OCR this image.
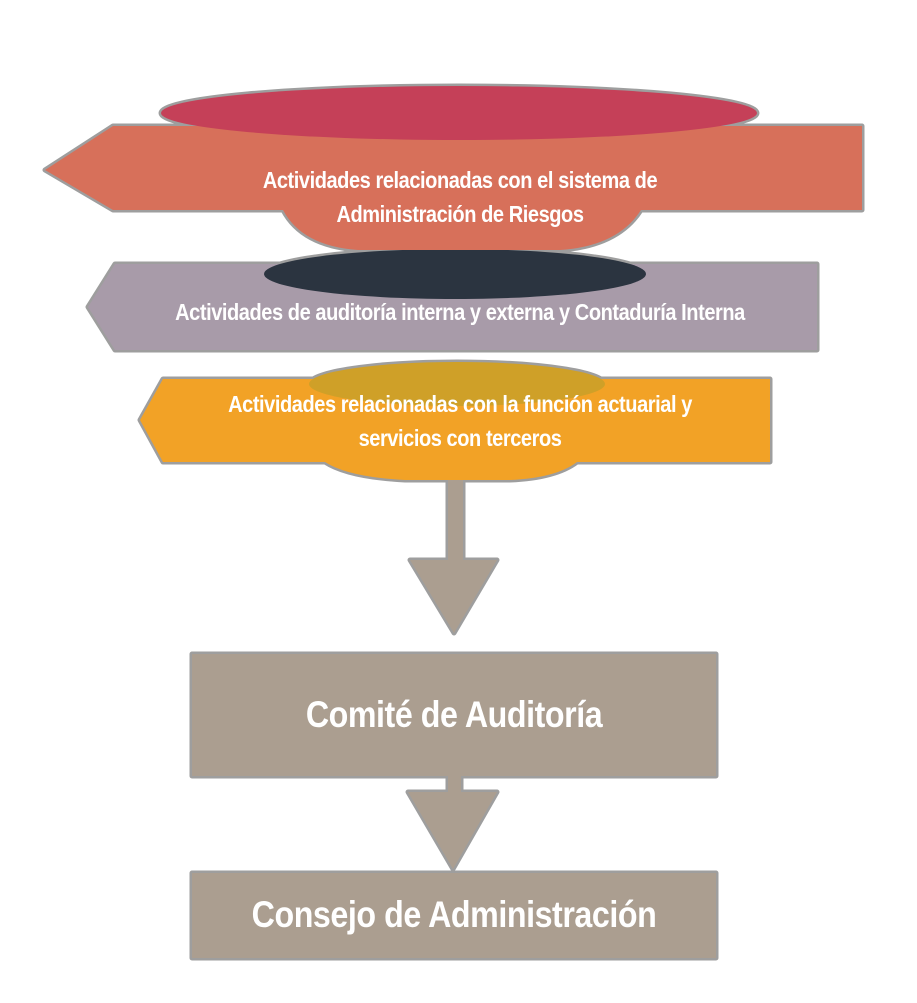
Actividades relacionadas con el sistema de
Administración de Riesgos
Actividades de auditoría interna y externa y Contaduría Interna
Actividades relacionadas con la función actuarial y
servicios con terceros
Comité de Auditoría
Consejo de Administración
